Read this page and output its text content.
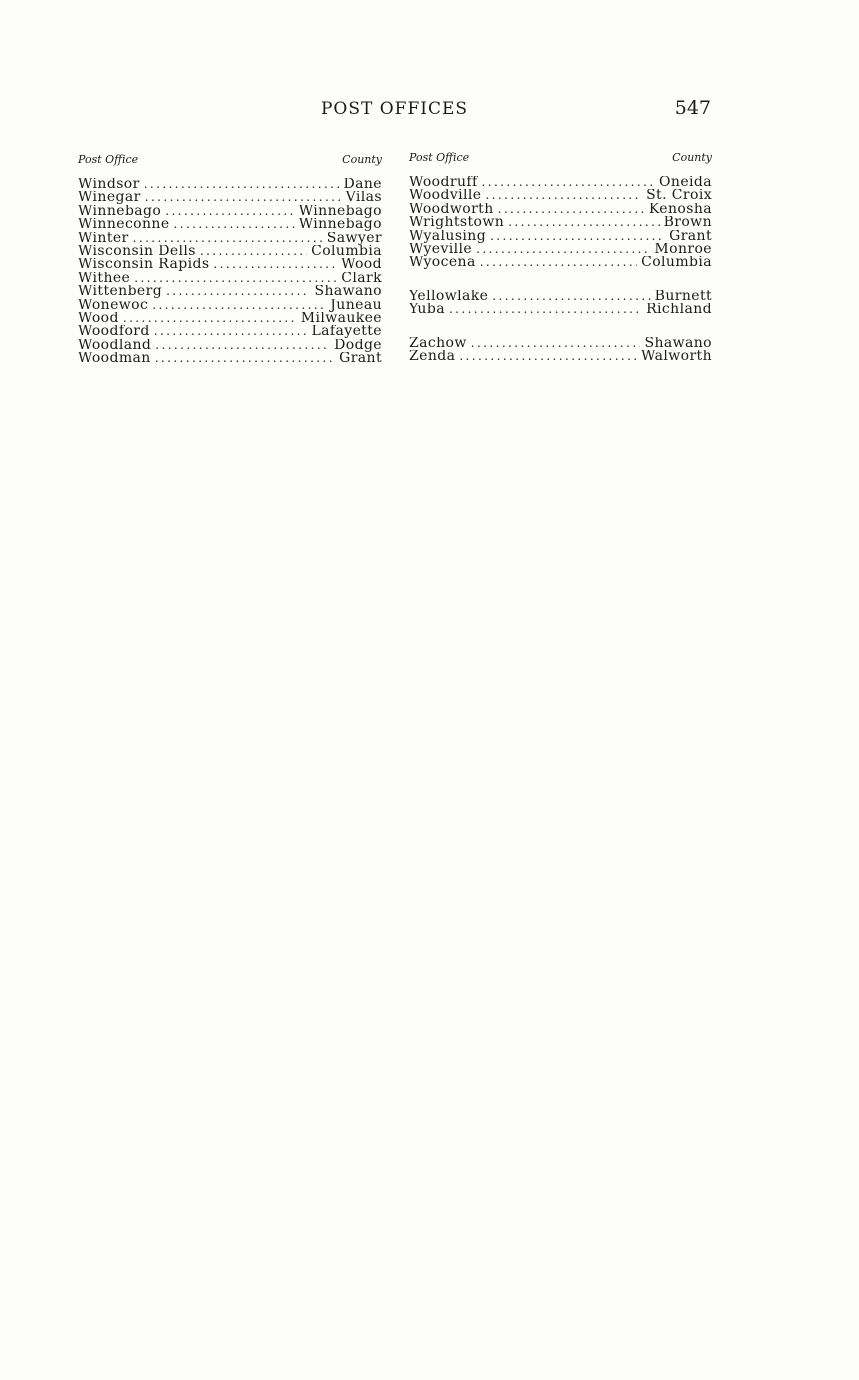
POST OFFICES	547
Post Office	County
Windsor .....	Dane
Winegar .....	Vilas
Winnebago .....	Winnebago
Winneconne .....	Winnebago
Winter .....	Sawyer
Wisconsin Dells .....	Columbia
Wisconsin Rapids .....	Wood
Withee .....	Clark
Wittenberg .....	Shawano
Wonewoc .....	Juneau
Wood .....	Milwaukee
Woodford .....	Lafayette
Woodland .....	Dodge
Woodman .....	Grant
Post Office	County
Woodruff .....	Oneida
Woodville .....	St. Croix
Woodworth .....	Kenosha
Wrightstown .....	Brown
Wyalusing .....	Grant
Wyeville .....	Monroe
Wyocena .....	Columbia
Yellowlake .....	Burnett
Yuba .....	Richland
Zachow .....	Shawano
Zenda .....	Walworth
